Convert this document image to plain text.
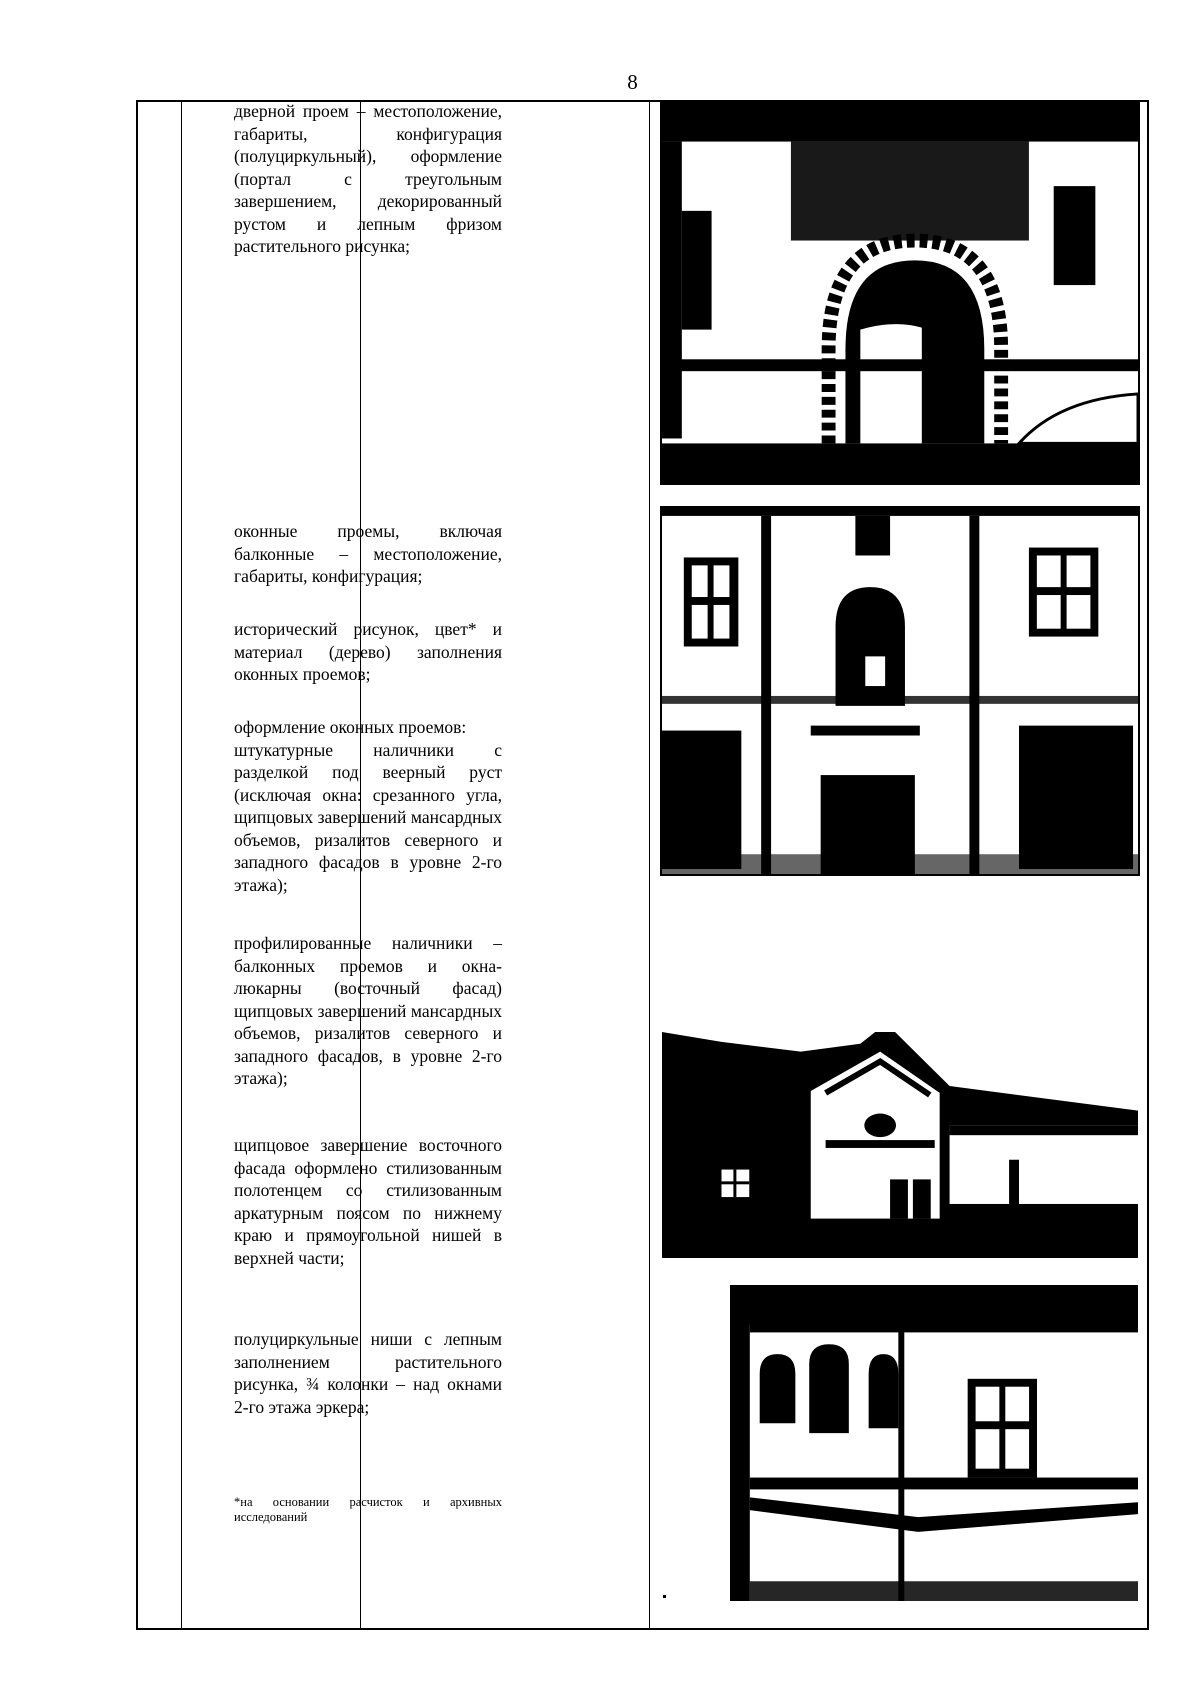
8

дверной проем – местоположение, габариты, конфигурация (полуциркульный), оформление (портал с треугольным завершением, декорированный рустом и лепным фризом растительного рисунка;

оконные проемы, включая балконные – местоположение, габариты, конфигурация;

исторический рисунок, цвет* и материал (дерево) заполнения оконных проемов;

оформление оконных проемов:

штукатурные наличники с разделкой под веерный руст (исключая окна: срезанного угла, щипцовых завершений мансардных объемов, ризалитов северного и западного фасадов в уровне 2-го этажа);

профилированные наличники – балконных проемов и окна-люкарны (восточный фасад) щипцовых завершений мансардных объемов, ризалитов северного и западного фасадов, в уровне 2-го этажа);

щипцовое завершение восточного фасада оформлено стилизованным полотенцем со стилизованным аркатурным поясом по нижнему краю и прямоугольной нишей в верхней части;

полуциркульные ниши с лепным заполнением растительного рисунка, ¾ колонки – над окнами 2-го этажа эркера;

*на основании расчисток и архивных исследований
